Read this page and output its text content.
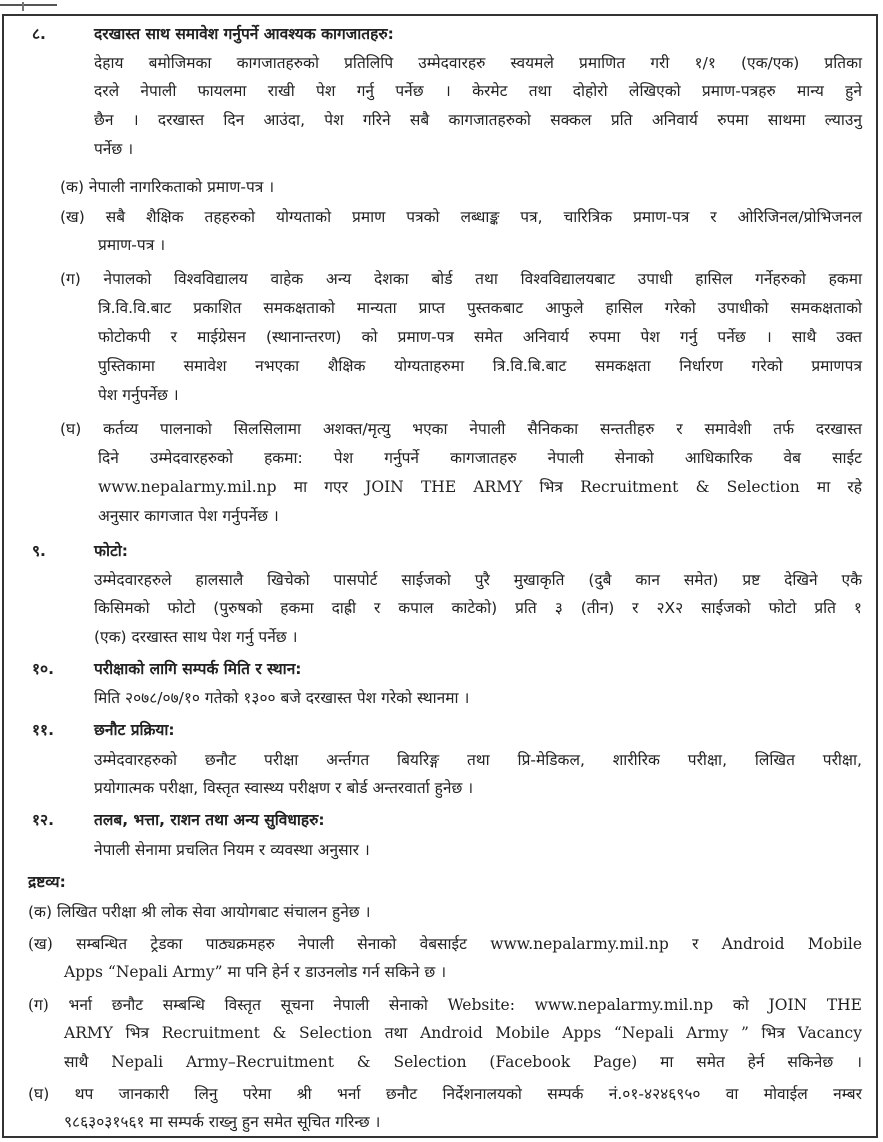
८.	दरखास्त साथ समावेश गर्नुपर्ने आवश्यक कागजातहरु:
देहाय बमोजिमका कागजातहरुको प्रतिलिपि उम्मेदवारहरु स्वयमले प्रमाणित गरी १/१ (एक/एक) प्रतिका
दरले नेपाली फायलमा राखी पेश गर्नु पर्नेछ । केरमेट तथा दोहोरो लेखिएको प्रमाण-पत्रहरु मान्य हुने
छैन । दरखास्त दिन आउंदा, पेश गरिने सबै कागजातहरुको सक्कल प्रति अनिवार्य रुपमा साथमा ल्याउनु
पर्नेछ ।
(क) नेपाली नागरिकताको प्रमाण-पत्र ।
(ख) सबै शैक्षिक तहहरुको योग्यताको प्रमाण पत्रको लब्धाङ्क पत्र, चारित्रिक प्रमाण-पत्र र ओरिजिनल/प्रोभिजनल
प्रमाण-पत्र ।
(ग) नेपालको विश्वविद्यालय वाहेक अन्य देशका बोर्ड तथा विश्वविद्यालयबाट उपाधी हासिल गर्नेहरुको हकमा
त्रि.वि.वि.बाट प्रकाशित समकक्षताको मान्यता प्राप्त पुस्तकबाट आफुले हासिल गरेको उपाधीको समकक्षताको
फोटोकपी र माईग्रेसन (स्थानान्तरण) को प्रमाण-पत्र समेत अनिवार्य रुपमा पेश गर्नु पर्नेछ । साथै उक्त
पुस्तिकामा समावेश नभएका शैक्षिक योग्यताहरुमा त्रि.वि.बि.बाट समकक्षता निर्धारण गरेको प्रमाणपत्र
पेश गर्नुपर्नेछ ।
(घ) कर्तव्य पालनाको सिलसिलामा अशक्त/मृत्यु भएका नेपाली सैनिकका सन्ततीहरु र समावेशी तर्फ दरखास्त
दिने उम्मेदवारहरुको हकमा: पेश गर्नुपर्ने कागजातहरु नेपाली सेनाको आधिकारिक वेब साईट
www.nepalarmy.mil.np मा गएर JOIN THE ARMY भित्र Recruitment & Selection मा रहे
अनुसार कागजात पेश गर्नुपर्नेछ ।
९.	फोटो:
उम्मेदवारहरुले हालसालै खिचेको पासपोर्ट साईजको पुरै मुखाकृति (दुबै कान समेत) प्रष्ट देखिने एकै
किसिमको फोटो (पुरुषको हकमा दाह्री र कपाल काटेको) प्रति ३ (तीन) र २X२ साईजको फोटो प्रति १
(एक) दरखास्त साथ पेश गर्नु पर्नेछ ।
१०.	परीक्षाको लागि सम्पर्क मिति र स्थान:
मिति २०७८/०७/१० गतेको १३०० बजे दरखास्त पेश गरेको स्थानमा ।
११.	छनौट प्रक्रिया:
उम्मेदवारहरुको छनौट परीक्षा अर्न्तगत बियरिङ्ग तथा प्रि-मेडिकल, शारीरिक परीक्षा, लिखित परीक्षा,
प्रयोगात्मक परीक्षा, विस्तृत स्वास्थ्य परीक्षण र बोर्ड अन्तरवार्ता हुनेछ ।
१२.	तलब, भत्ता, राशन तथा अन्य सुविधाहरु:
नेपाली सेनामा प्रचलित नियम र व्यवस्था अनुसार ।
द्रष्टव्य:
(क) लिखित परीक्षा श्री लोक सेवा आयोगबाट संचालन हुनेछ ।
(ख) सम्बन्धित ट्रेडका पाठ्यक्रमहरु नेपाली सेनाको वेबसाईट www.nepalarmy.mil.np र Android Mobile
Apps “Nepali Army” मा पनि हेर्न र डाउनलोड गर्न सकिने छ ।
(ग) भर्ना छनौट सम्बन्धि विस्तृत सूचना नेपाली सेनाको Website: www.nepalarmy.mil.np को JOIN THE
ARMY भित्र Recruitment & Selection तथा Android Mobile Apps “Nepali Army ” भित्र Vacancy
साथै Nepali Army–Recruitment & Selection (Facebook Page) मा समेत हेर्न सकिनेछ ।
(घ) थप जानकारी लिनु परेमा श्री भर्ना छनौट निर्देशनालयको सम्पर्क नं.०१-४२४६९५० वा मोवाईल नम्बर
९८६३०३१५६१ मा सम्पर्क राख्नु हुन समेत सूचित गरिन्छ ।
